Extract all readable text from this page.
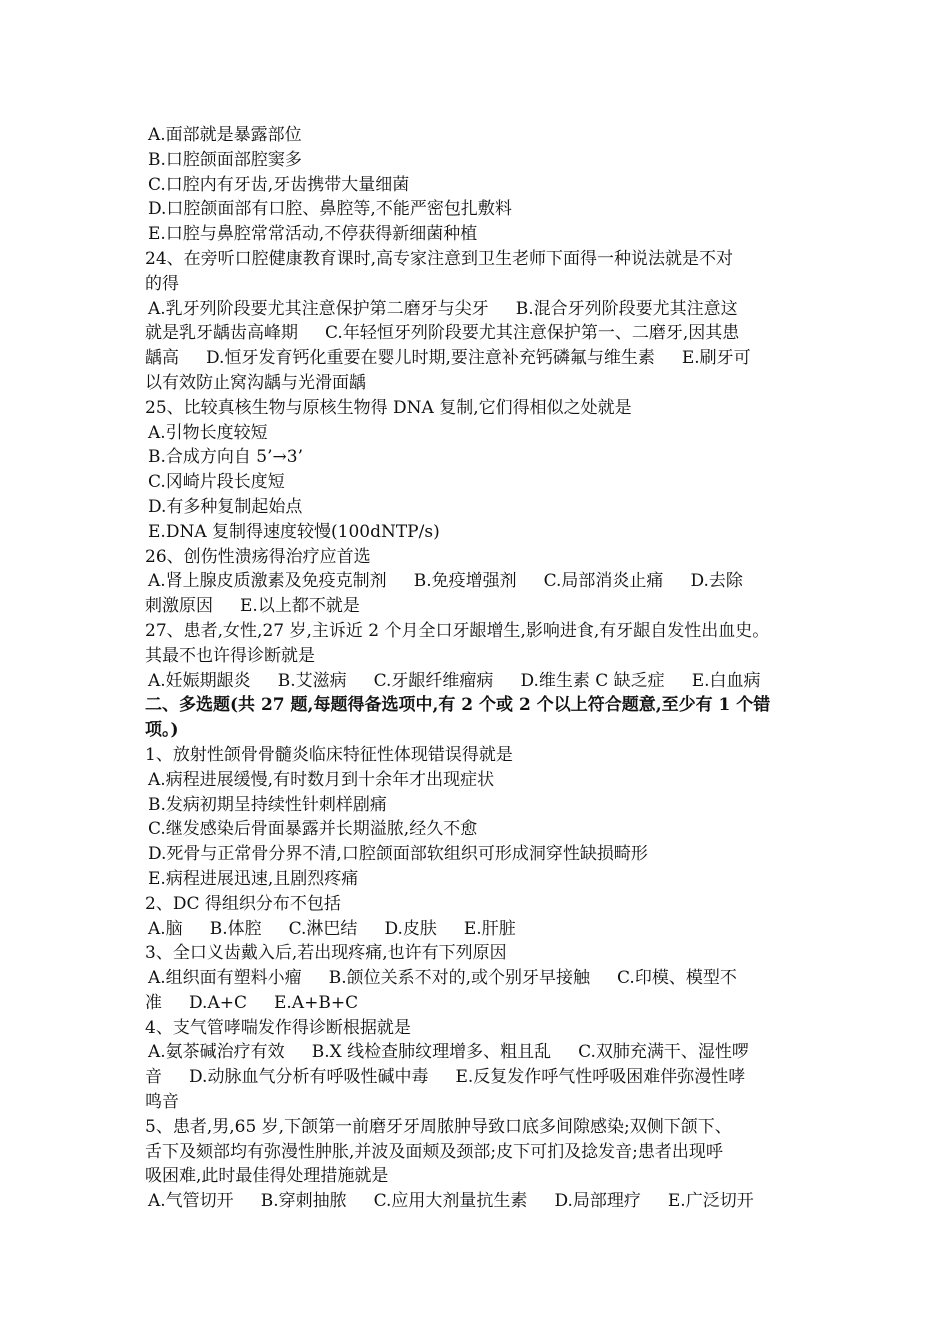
A.面部就是暴露部位
B.口腔颌面部腔窦多
C.口腔内有牙齿,牙齿携带大量细菌
D.口腔颌面部有口腔、鼻腔等,不能严密包扎敷料
E.口腔与鼻腔常常活动,不停获得新细菌种植
24、在旁听口腔健康教育课时,高专家注意到卫生老师下面得一种说法就是不对
的得
A.乳牙列阶段要尤其注意保护第二磨牙与尖牙     B.混合牙列阶段要尤其注意这
就是乳牙龋齿高峰期     C.年轻恒牙列阶段要尤其注意保护第一、二磨牙,因其患
龋高     D.恒牙发育钙化重要在婴儿时期,要注意补充钙磷氟与维生素     E.刷牙可
以有效防止窝沟龋与光滑面龋
25、比较真核生物与原核生物得 DNA 复制,它们得相似之处就是
A.引物长度较短
B.合成方向自 5’→3’
C.冈崎片段长度短
D.有多种复制起始点
E.DNA 复制得速度较慢(100dNTP/s)
26、创伤性溃疡得治疗应首选
A.肾上腺皮质激素及免疫克制剂     B.免疫增强剂     C.局部消炎止痛     D.去除
刺激原因     E.以上都不就是
27、患者,女性,27 岁,主诉近 2 个月全口牙龈增生,影响进食,有牙龈自发性出血史。
其最不也许得诊断就是
A.妊娠期龈炎     B.艾滋病     C.牙龈纤维瘤病     D.维生素 C 缺乏症     E.白血病
二、多选题(共 27 题,每题得备选项中,有 2 个或 2 个以上符合题意,至少有 1 个错
项。)
1、放射性颌骨骨髓炎临床特征性体现错误得就是
A.病程进展缓慢,有时数月到十余年才出现症状
B.发病初期呈持续性针刺样剧痛
C.继发感染后骨面暴露并长期溢脓,经久不愈
D.死骨与正常骨分界不清,口腔颌面部软组织可形成洞穿性缺损畸形
E.病程进展迅速,且剧烈疼痛
2、DC 得组织分布不包括
A.脑     B.体腔     C.淋巴结     D.皮肤     E.肝脏
3、全口义齿戴入后,若出现疼痛,也许有下列原因
A.组织面有塑料小瘤     B.颌位关系不对的,或个别牙早接触     C.印模、模型不
准     D.A+C     E.A+B+C
4、支气管哮喘发作得诊断根据就是
A.氨茶碱治疗有效     B.X 线检查肺纹理增多、粗且乱     C.双肺充满干、湿性啰
音     D.动脉血气分析有呼吸性碱中毒     E.反复发作呼气性呼吸困难伴弥漫性哮
鸣音
5、患者,男,65 岁,下颌第一前磨牙牙周脓肿导致口底多间隙感染;双侧下颌下、
舌下及颏部均有弥漫性肿胀,并波及面颊及颈部;皮下可扪及捻发音;患者出现呼
吸困难,此时最佳得处理措施就是
A.气管切开     B.穿刺抽脓     C.应用大剂量抗生素     D.局部理疗     E.广泛切开
